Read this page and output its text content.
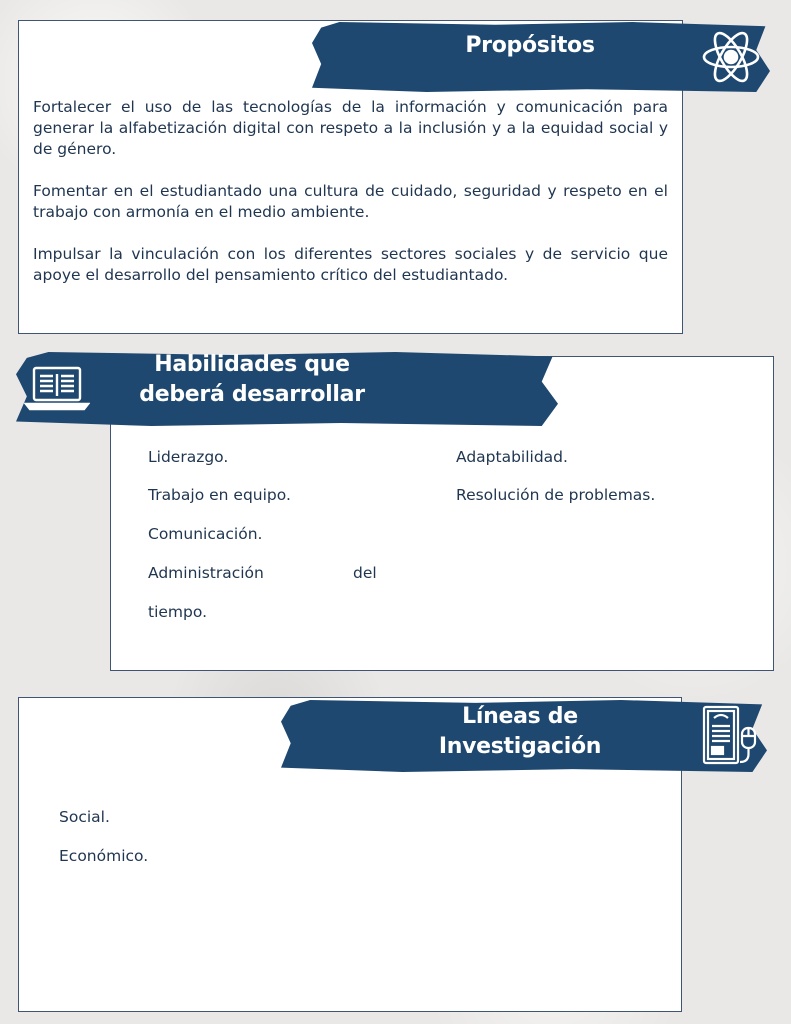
Propósitos

Fortalecer el uso de las tecnologías de la información y comunicación para generar la alfabetización digital con respeto a la inclusión y a la equidad social y de género.

Fomentar en el estudiantado una cultura de cuidado, seguridad y respeto en el trabajo con armonía en el medio ambiente.

Impulsar la vinculación con los diferentes sectores sociales y de servicio que apoye el desarrollo del pensamiento crítico del estudiantado.

Habilidades que
deberá desarrollar

Liderazgo.

Trabajo en equipo.

Comunicación.

Administración	del

tiempo.

Adaptabilidad.

Resolución de problemas.

Líneas de
Investigación

Social.

Económico.
